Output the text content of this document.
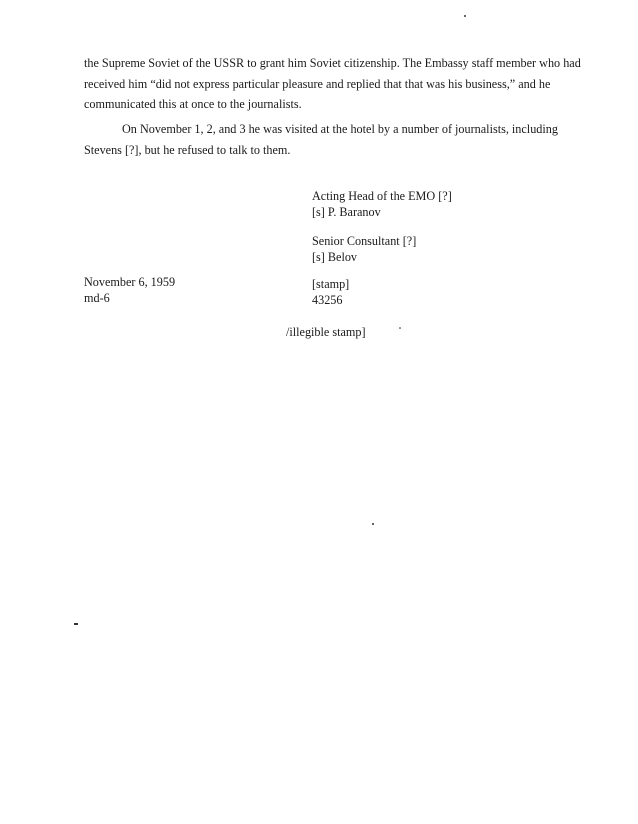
the Supreme Soviet of the USSR to grant him Soviet citizenship. The Embassy staff member who had received him “did not express particular pleasure and replied that that was his business,” and he communicated this at once to the journalists.

On November 1, 2, and 3 he was visited at the hotel by a number of journalists, including Stevens [?], but he refused to talk to them.

Acting Head of the EMO [?]
[s] P. Baranov
Senior Consultant [?]
[s] Belov
November 6, 1959
md-6
[stamp]
43256
/illegible stamp]
